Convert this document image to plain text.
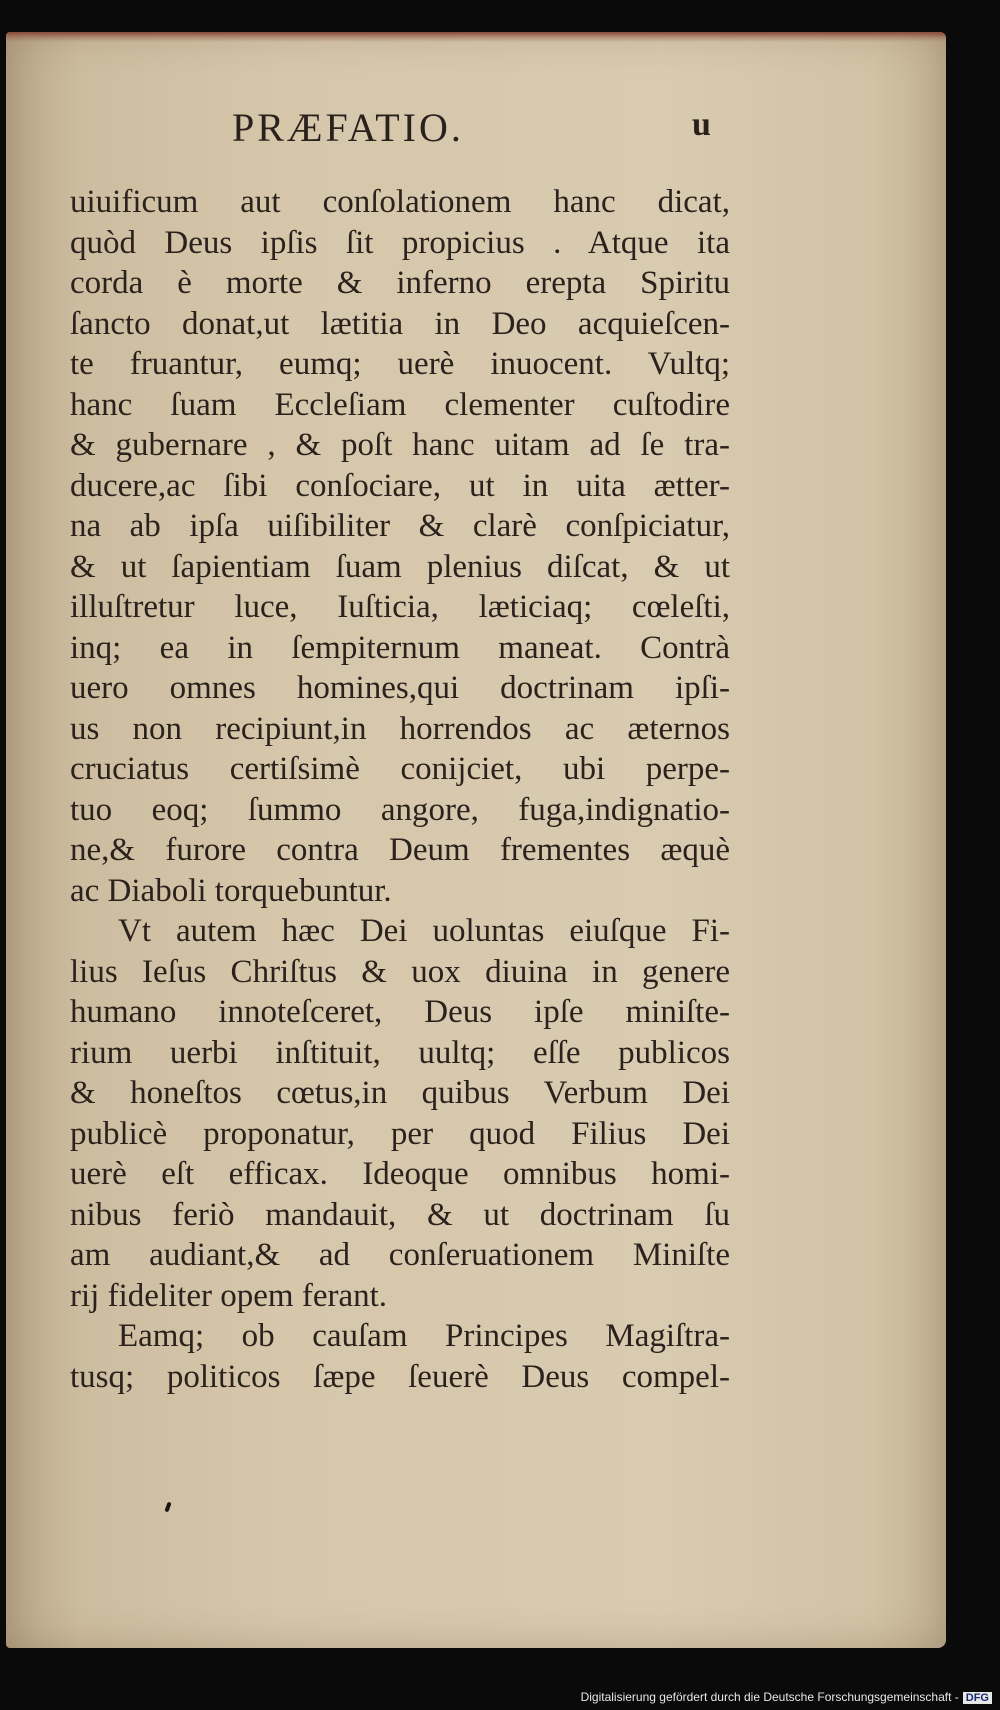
PRÆFATIO.	u
uiuificum aut conſolationem hanc dicat,
quòd Deus ipſis ſit propicius . Atque ita
corda è morte & inferno erepta Spiritu
ſancto donat,ut lætitia in Deo acquieſcen-
te fruantur, eumq; uerè inuocent. Vultq;
hanc ſuam Eccleſiam clementer cuſtodire
& gubernare , & poſt hanc uitam ad ſe tra-
ducere,ac ſibi conſociare, ut in uita ætter-
na ab ipſa uiſibiliter & clarè conſpiciatur,
& ut ſapientiam ſuam plenius diſcat, & ut
illuſtretur luce, Iuſticia, læticiaq; cœleſti,
inq; ea in ſempiternum maneat. Contrà
uero omnes homines,qui doctrinam ipſi-
us non recipiunt,in horrendos ac æternos
cruciatus certiſsimè conijciet, ubi perpe-
tuo eoq; ſummo angore, fuga,indignatio-
ne,& furore contra Deum frementes æquè
ac Diaboli torquebuntur.
Vt autem hæc Dei uoluntas eiuſque Fi-
lius Ieſus Chriſtus & uox diuina in genere
humano innoteſceret, Deus ipſe miniſte-
rium uerbi inſtituit, uultq; eſſe publicos
& honeſtos cœtus,in quibus Verbum Dei
publicè proponatur, per quod Filius Dei
uerè eſt efficax. Ideoque omnibus homi-
nibus feriò mandauit, & ut doctrinam ſu
am audiant,& ad conſeruationem Miniſte
rij fideliter opem ferant.
Eamq; ob cauſam Principes Magiſtra-
tusq; politicos ſæpe ſeuerè Deus compel-
Digitalisierung gefördert durch die Deutsche Forschungsgemeinschaft - DFG
